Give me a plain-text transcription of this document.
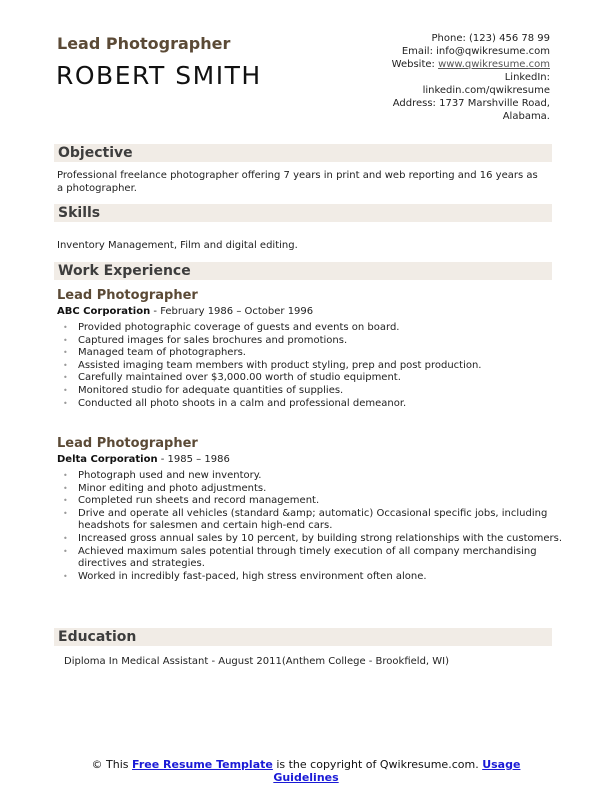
Lead Photographer
ROBERT SMITH
Phone: (123) 456 78 99
Email: info@qwikresume.com
Website: www.qwikresume.com
LinkedIn:
linkedin.com/qwikresume
Address: 1737 Marshville Road,
Alabama.
Objective
Professional freelance photographer offering 7 years in print and web reporting and 16 years as a photographer.
Skills
Inventory Management, Film and digital editing.
Work Experience
Lead Photographer
ABC Corporation - February 1986 – October 1996
• Provided photographic coverage of guests and events on board.
• Captured images for sales brochures and promotions.
• Managed team of photographers.
• Assisted imaging team members with product styling, prep and post production.
• Carefully maintained over $3,000.00 worth of studio equipment.
• Monitored studio for adequate quantities of supplies.
• Conducted all photo shoots in a calm and professional demeanor.
Lead Photographer
Delta Corporation - 1985 – 1986
• Photograph used and new inventory.
• Minor editing and photo adjustments.
• Completed run sheets and record management.
• Drive and operate all vehicles (standard &amp; automatic) Occasional specific jobs, including headshots for salesmen and certain high-end cars.
• Increased gross annual sales by 10 percent, by building strong relationships with the customers.
• Achieved maximum sales potential through timely execution of all company merchandising directives and strategies.
• Worked in incredibly fast-paced, high stress environment often alone.
Education
Diploma In Medical Assistant - August 2011(Anthem College - Brookfield, WI)
© This Free Resume Template is the copyright of Qwikresume.com. Usage Guidelines
